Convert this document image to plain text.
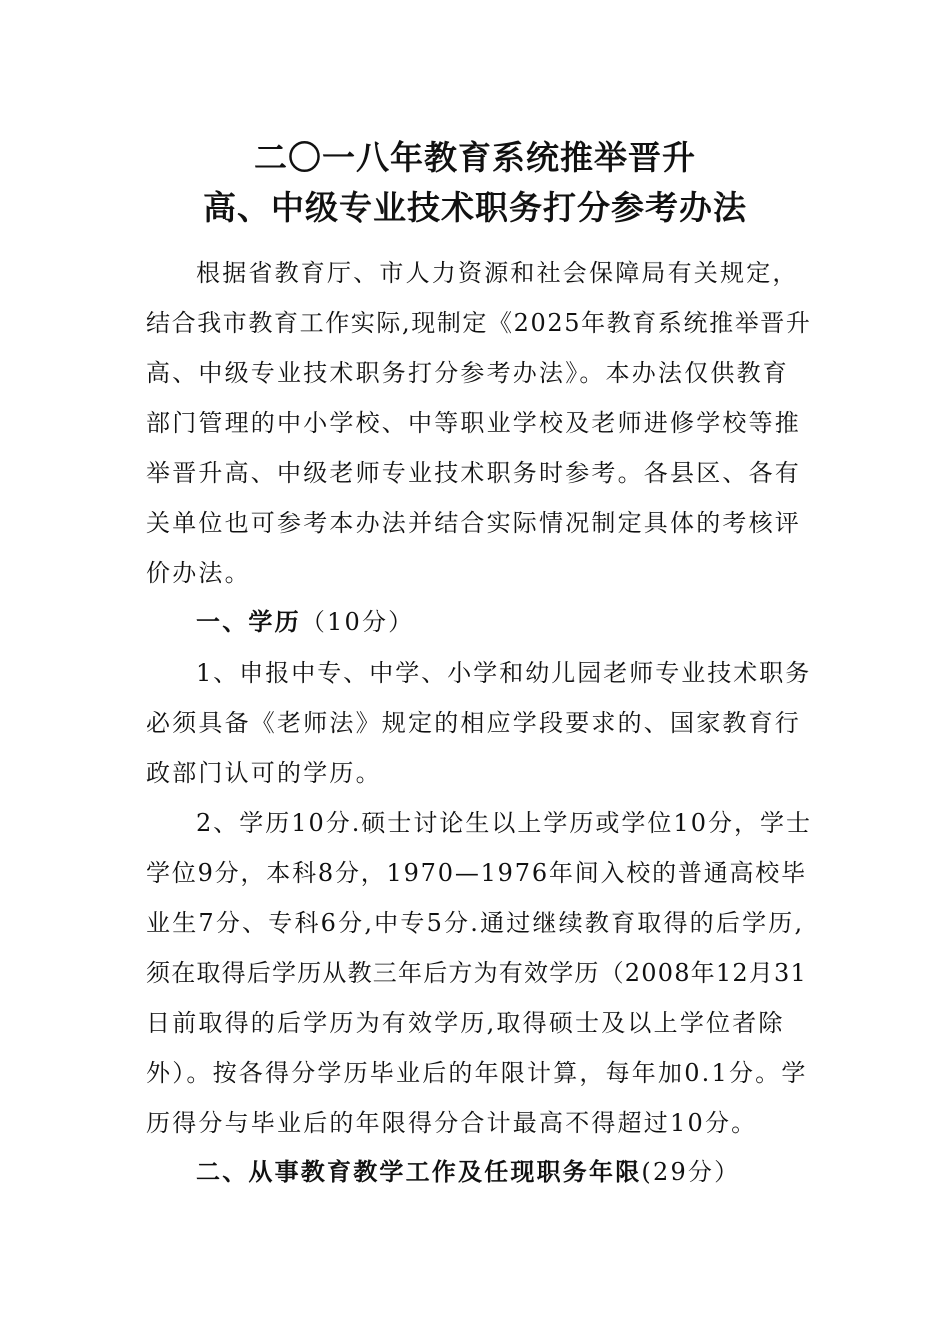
二〇一八年教育系统推举晋升
高、中级专业技术职务打分参考办法
根据省教育厅、市人力资源和社会保障局有关规定，
结合我市教育工作实际,现制定《2025年教育系统推举晋升
高、中级专业技术职务打分参考办法》。本办法仅供教育
部门管理的中小学校、中等职业学校及老师进修学校等推
举晋升高、中级老师专业技术职务时参考。各县区、各有
关单位也可参考本办法并结合实际情况制定具体的考核评
价办法。
一、学历（10分）
1、申报中专、中学、小学和幼儿园老师专业技术职务
必须具备《老师法》规定的相应学段要求的、国家教育行
政部门认可的学历。
2、学历10分.硕士讨论生以上学历或学位10分，学士
学位9分，本科8分，1970—1976年间入校的普通高校毕
业生7分、专科6分,中专5分.通过继续教育取得的后学历,
须在取得后学历从教三年后方为有效学历（2008年12月31
日前取得的后学历为有效学历,取得硕士及以上学位者除
外）。按各得分学历毕业后的年限计算，每年加0.1分。学
历得分与毕业后的年限得分合计最高不得超过10分。
二、从事教育教学工作及任现职务年限(29分）
